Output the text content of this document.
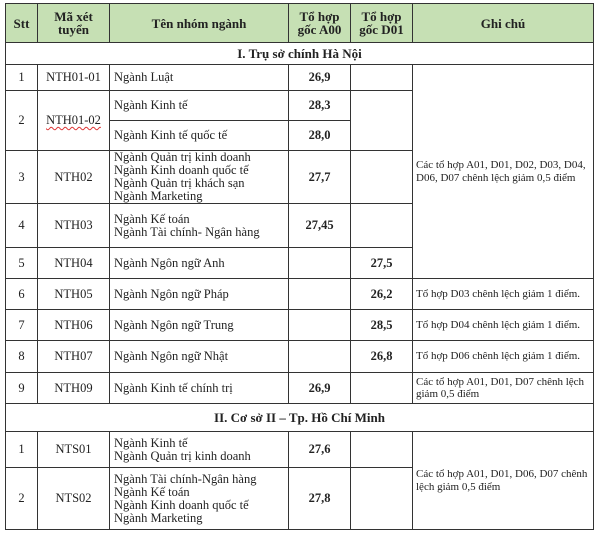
Stt	Mã xét tuyển	Tên nhóm ngành	Tổ hợp gốc A00	Tổ hợp gốc D01	Ghi chú	
I. Trụ sở chính Hà Nội						
1	NTH01-01	Ngành Luật	26,9		Các tổ hợp A01, D01, D02, D03, D04, D06, D07 chênh lệch giảm 0,5 điểm	
2	NTH01-02	Ngành Kinh tế	28,3			
		Ngành Kinh tế quốc tế	28,0			
3	NTH02	Ngành Quản trị kinh doanh
Ngành Kinh doanh quốc tế
Ngành Quản trị khách sạn
Ngành Marketing	27,7			
4	NTH03	Ngành Kế toán
Ngành Tài chính- Ngân hàng	27,45			
5	NTH04	Ngành Ngôn ngữ Anh		27,5		
6	NTH05	Ngành Ngôn ngữ Pháp		26,2	Tổ hợp D03 chênh lệch giảm 1 điểm.	
7	NTH06	Ngành Ngôn ngữ Trung		28,5	Tổ hợp D04 chênh lệch giảm 1 điểm.	
8	NTH07	Ngành Ngôn ngữ Nhật		26,8	Tổ hợp D06 chênh lệch giảm 1 điểm.	
9	NTH09	Ngành Kinh tế chính trị	26,9		Các tổ hợp A01, D01, D07 chênh lệch giảm 0,5 điểm	
II. Cơ sở II – Tp. Hồ Chí Minh						
1	NTS01	Ngành Kinh tế
Ngành Quản trị kinh doanh	27,6		Các tổ hợp A01, D01, D06, D07 chênh lệch giảm 0,5 điểm	
2	NTS02	Ngành Tài chính-Ngân hàng
Ngành Kế toán
Ngành Kinh doanh quốc tế
Ngành Marketing	27,8			
